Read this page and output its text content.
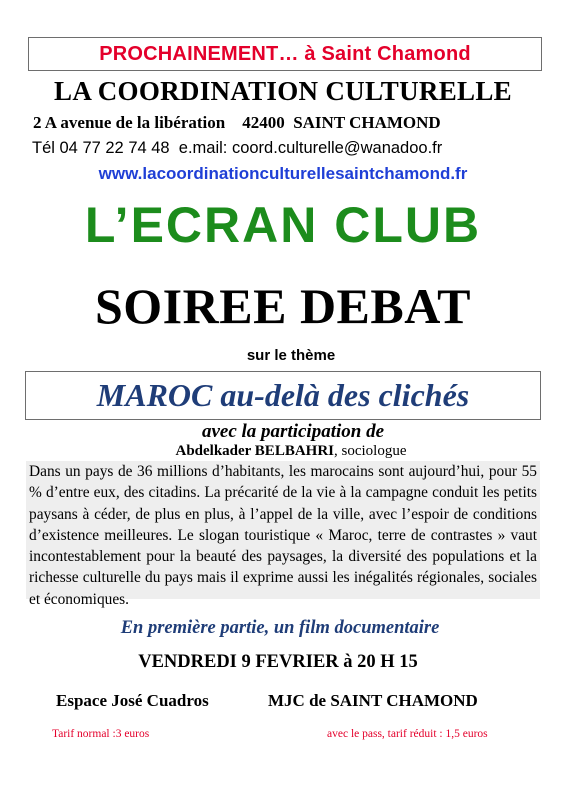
PROCHAINEMENT… à Saint Chamond
LA COORDINATION CULTURELLE
2 A avenue de la libération    42400  SAINT CHAMOND
Tél 04 77 22 74 48  e.mail: coord.culturelle@wanadoo.fr
www.lacoordinationculturellesaintchamond.fr
L’ECRAN CLUB
SOIREE DEBAT
sur le thème
MAROC au-delà des clichés
avec la participation de
Abdelkader BELBAHRI, sociologue
Dans un pays de 36 millions d’habitants, les marocains sont aujourd’hui, pour 55 % d’entre eux, des citadins. La précarité de la vie à la campagne conduit les petits paysans à céder, de plus en plus, à l’appel de la ville, avec l’espoir de conditions d’existence meilleures. Le slogan touristique « Maroc, terre de contrastes » vaut incontestablement pour la beauté des paysages, la diversité des populations et la richesse culturelle du pays mais il exprime aussi les inégalités régionales, sociales et économiques.
En première partie, un film documentaire
VENDREDI 9 FEVRIER à 20 H 15
Espace José Cuadros	MJC de SAINT CHAMOND
Tarif normal :3 euros	avec le pass, tarif réduit : 1,5 euros
